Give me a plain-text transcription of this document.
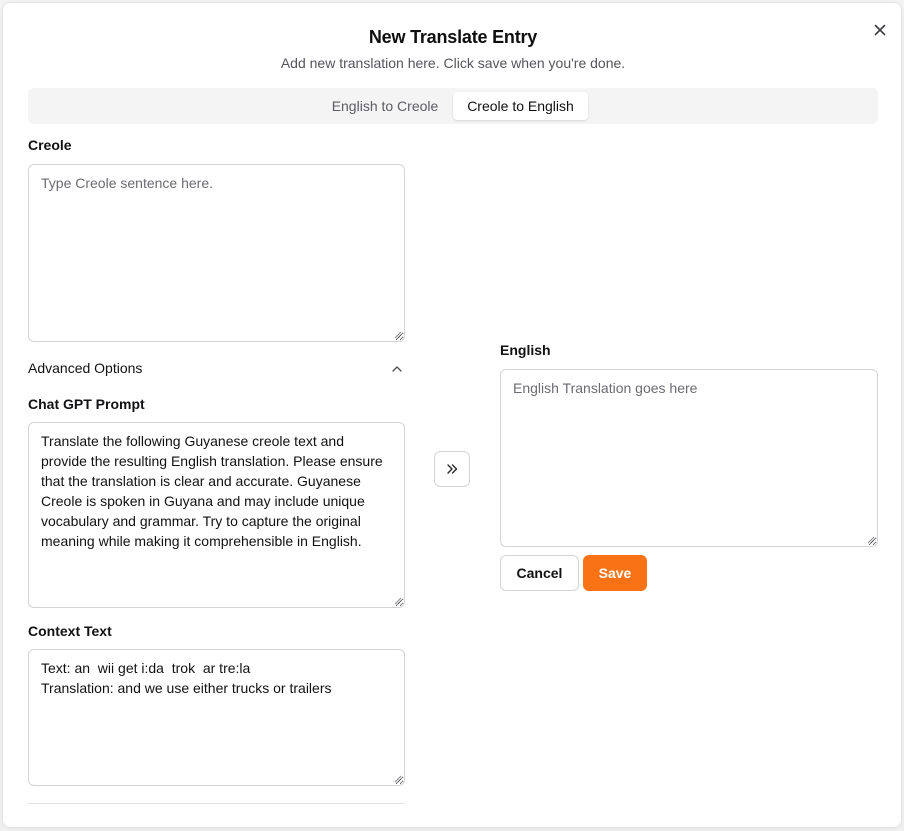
New Translate Entry
Add new translation here. Click save when you're done.
English to Creole	Creole to English
Creole
Type Creole sentence here.
Advanced Options
Chat GPT Prompt
Translate the following Guyanese creole text and provide the resulting English translation. Please ensure that the translation is clear and accurate. Guyanese Creole is spoken in Guyana and may include unique vocabulary and grammar. Try to capture the original meaning while making it comprehensible in English.
Context Text
Text: an  wii get i:da  trok  ar tre:la
Translation: and we use either trucks or trailers
English
English Translation goes here
Cancel	Save
